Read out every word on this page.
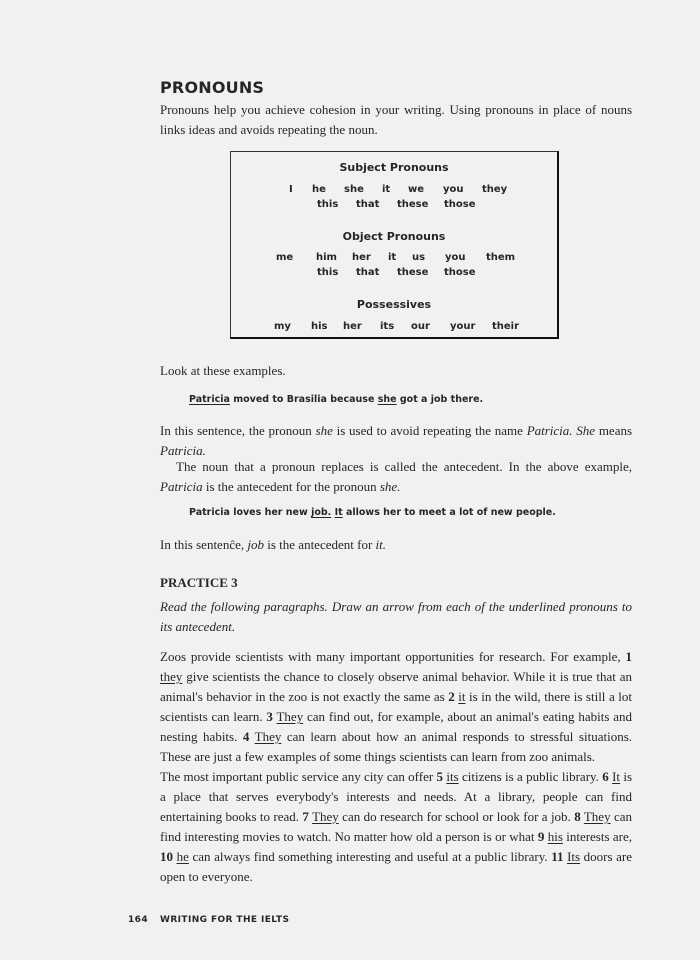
PRONOUNS
Pronouns help you achieve cohesion in your writing. Using pronouns in place of nouns links ideas and avoids repeating the noun.
Subject Pronouns
I he she it we you they
this that these those
Object Pronouns
me him her it us you them
this that these those
Possessives
my his her its our your their
Look at these examples.
Patricia moved to Brasilia because she got a job there.
In this sentence, the pronoun she is used to avoid repeating the name Patricia. She means Patricia.
The noun that a pronoun replaces is called the antecedent. In the above example, Patricia is the antecedent for the pronoun she.
Patricia loves her new job. It allows her to meet a lot of new people.
In this sentenĉe, job is the antecedent for it.
PRACTICE 3
Read the following paragraphs. Draw an arrow from each of the underlined pronouns to its antecedent.
Zoos provide scientists with many important opportunities for research. For example, 1 they give scientists the chance to closely observe animal behavior. While it is true that an animal's behavior in the zoo is not exactly the same as 2 it is in the wild, there is still a lot scientists can learn. 3 They can find out, for example, about an animal's eating habits and nesting habits. 4 They can learn about how an animal responds to stressful situations. These are just a few examples of some things scientists can learn from zoo animals.
The most important public service any city can offer 5 its citizens is a public library. 6 It is a place that serves everybody's interests and needs. At a library, people can find entertaining books to read. 7 They can do research for school or look for a job. 8 They can find interesting movies to watch. No matter how old a person is or what 9 his interests are, 10 he can always find something interesting and useful at a public library. 11 Its doors are open to everyone.
164 WRITING FOR THE IELTS
